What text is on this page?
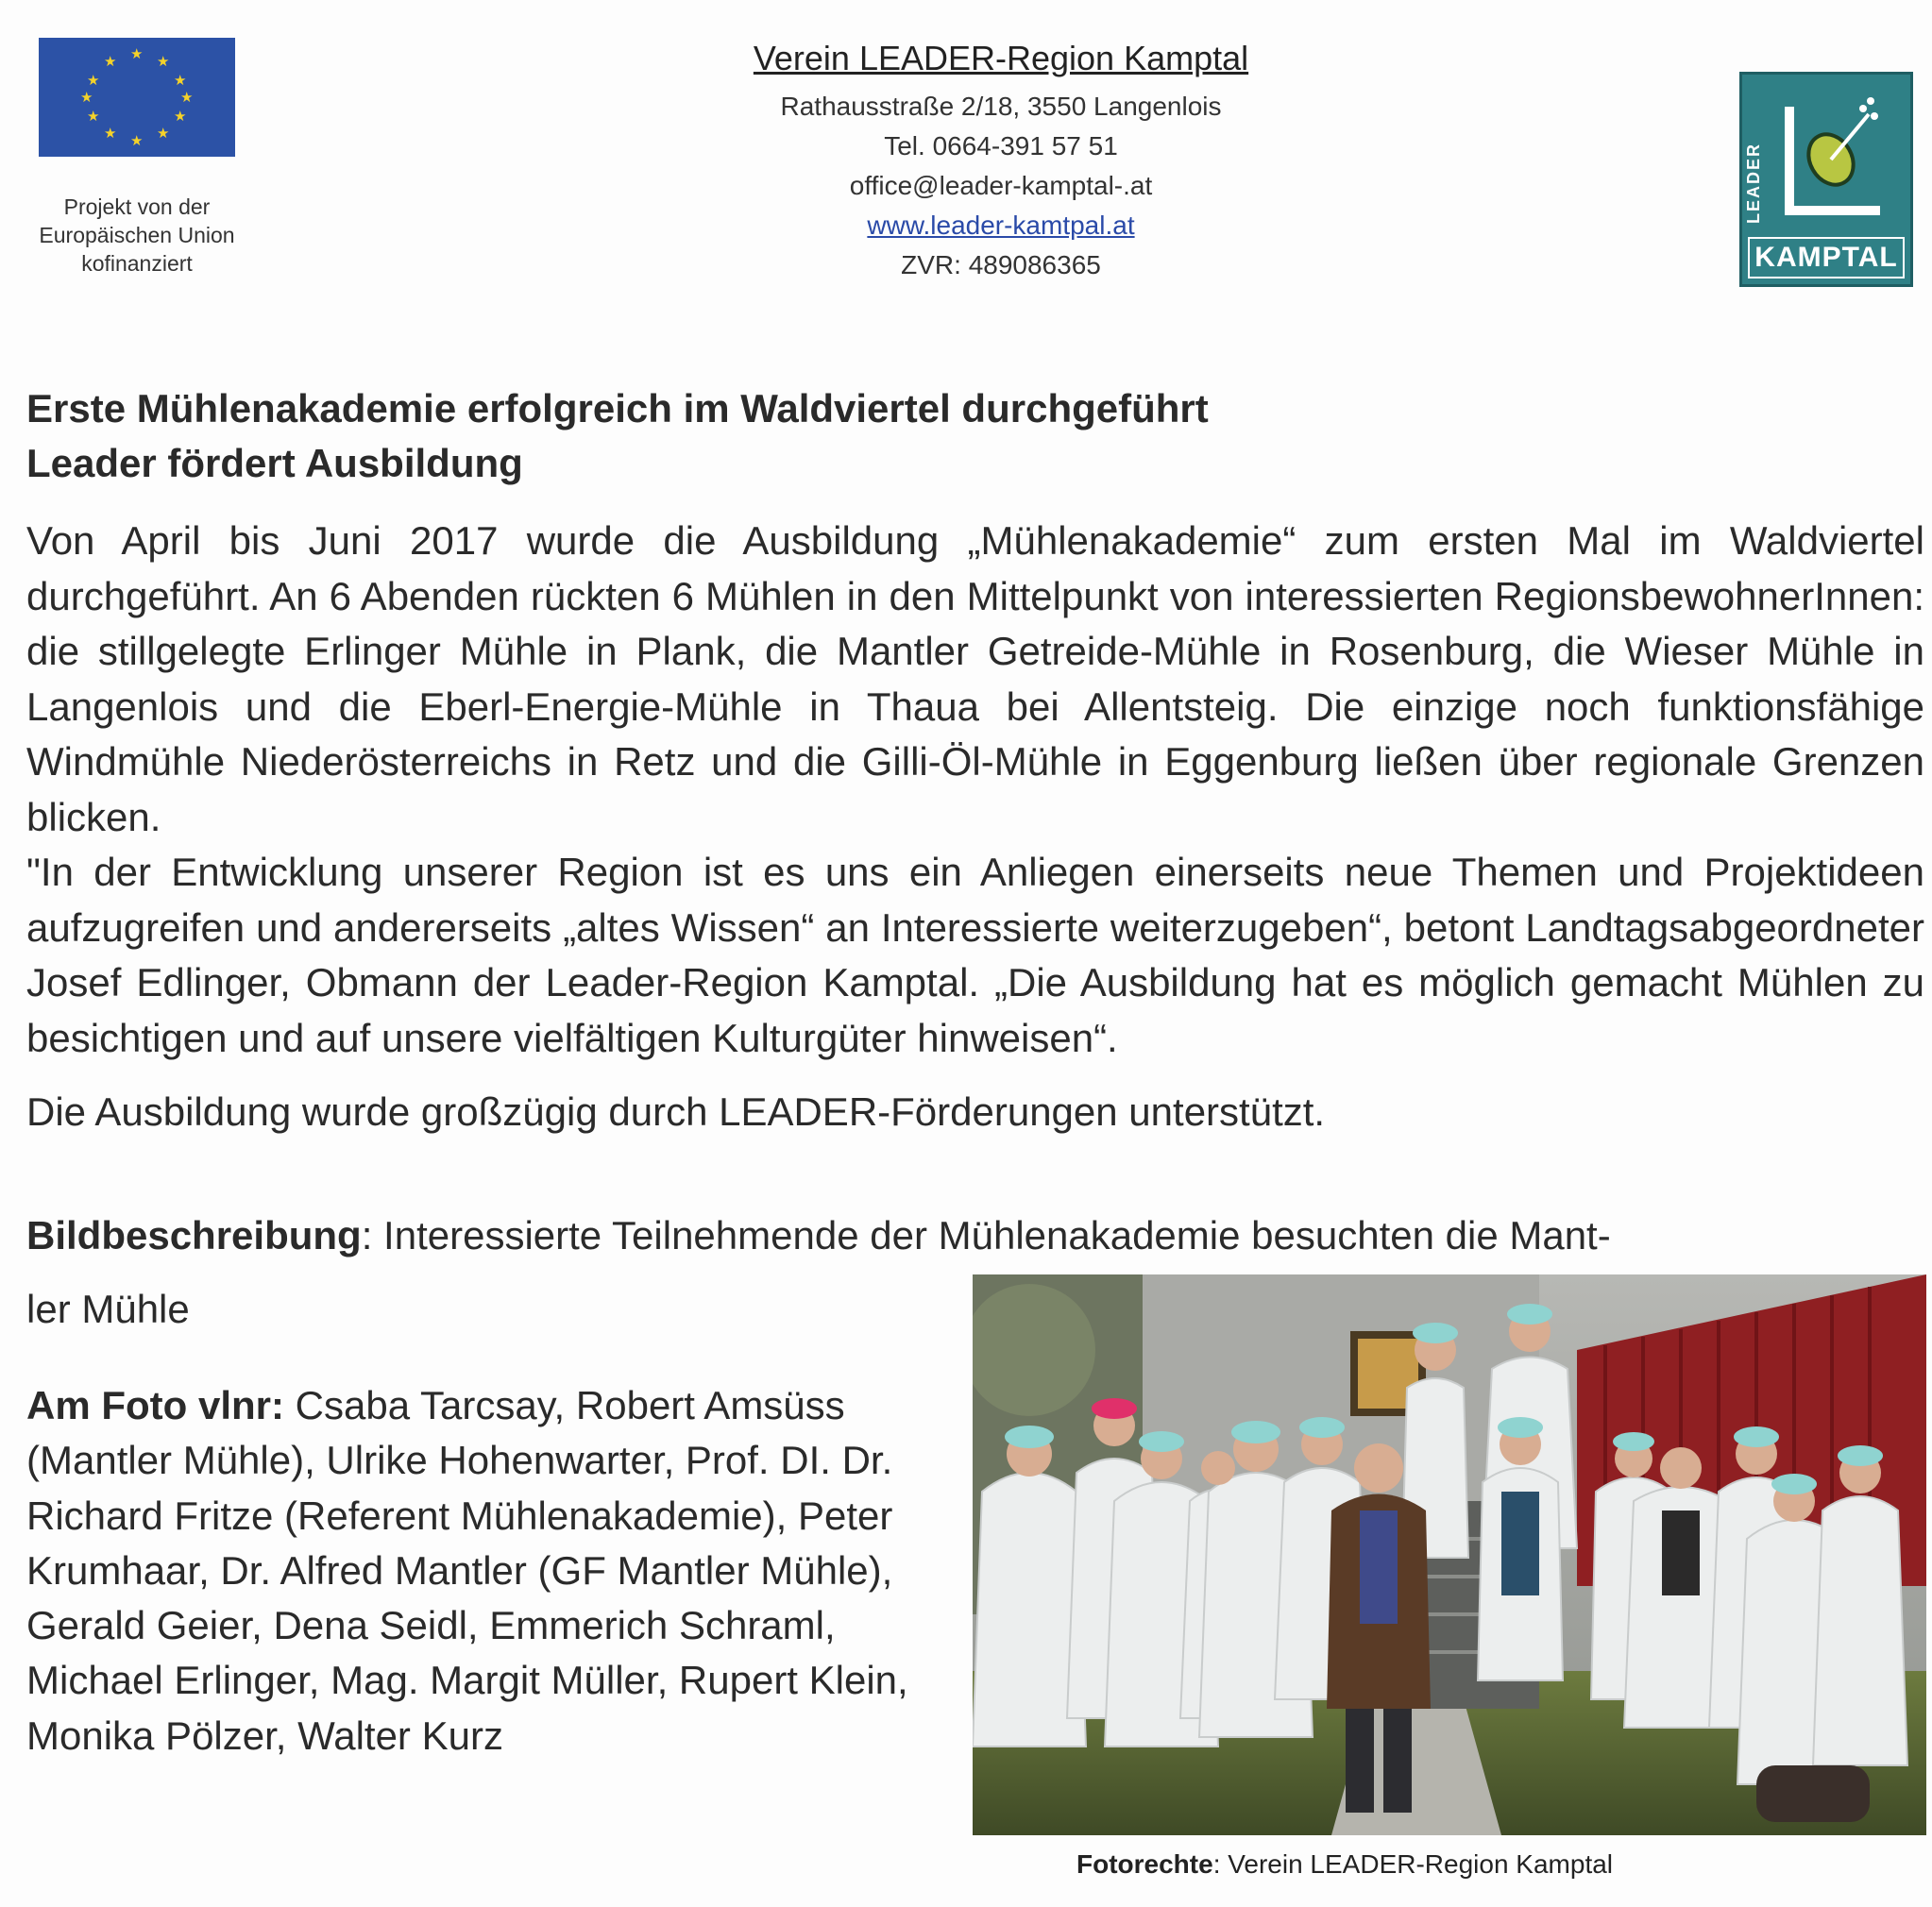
★ ★
★
★
★
★
★
★
★
★
★
★
Projekt von der Europäischen Union kofinanziert
Verein LEADER-Region Kamptal
Rathausstraße 2/18, 3550 Langenlois
Tel. 0664-391 57 51
office@leader-kamptal-.at
www.leader-kamtpal.at
ZVR: 489086365
LEADER
KAMPTAL
Erste Mühlenakademie erfolgreich im Waldviertel durchgeführt
Leader fördert Ausbildung

Von April bis Juni 2017 wurde die Ausbildung „Mühlenakademie“ zum ersten Mal im Waldviertel durchgeführt. An 6 Abenden rückten 6 Mühlen in den Mittelpunkt von interessierten RegionsbewohnerInnen: die stillgelegte Erlinger Mühle in Plank, die Mantler Getreide-Mühle in Rosenburg, die Wieser Mühle in Langenlois und die Eberl-Energie-Mühle in Thaua bei Allentsteig. Die einzige noch funktionsfähige Windmühle Niederösterreichs in Retz und die Gilli-Öl-Mühle in Eggenburg ließen über regionale Grenzen blicken.

"In der Entwicklung unserer Region ist es uns ein Anliegen einerseits neue Themen und Projektideen aufzugreifen und andererseits „altes Wissen“ an Interessierte weiterzugeben“, betont Landtagsabgeordneter Josef Edlinger, Obmann der Leader-Region Kamptal. „Die Ausbildung hat es möglich gemacht Mühlen zu besichtigen und auf unsere vielfältigen Kulturgüter hinweisen“.

Die Ausbildung wurde großzügig durch LEADER-Förderungen unterstützt.

Bildbeschreibung: Interessierte Teilnehmende der Mühlenakademie besuchten die Mant-
ler Mühle
Am Foto vlnr: Csaba Tarcsay, Robert Amsüss (Mantler Mühle), Ulrike Hohenwarter, Prof. DI. Dr. Richard Fritze (Referent Mühlenakademie), Peter Krumhaar, Dr. Alfred Mantler (GF Mantler Mühle), Gerald Geier, Dena Seidl, Emmerich Schraml, Michael Erlinger, Mag. Margit Müller, Rupert Klein, Monika Pölzer, Walter Kurz
Fotorechte: Verein LEADER-Region Kamptal
